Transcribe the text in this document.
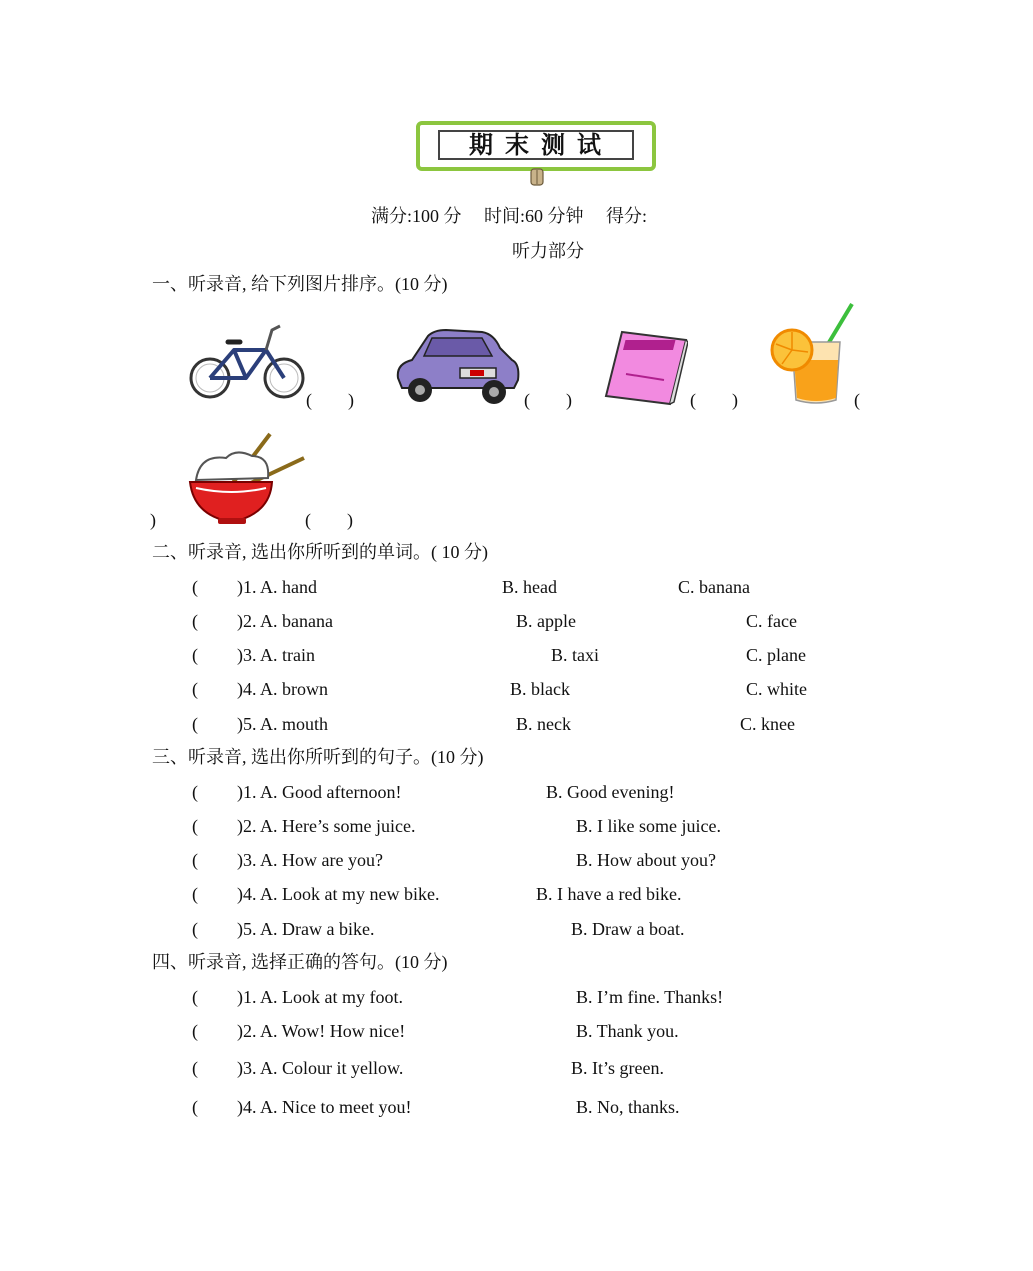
期末测试
满分:100 分　 时间:60 分钟　 得分:
听力部分
一、听录音, 给下列图片排序。(10 分)
(　　)	(　　)	(　　)	(
)	(　　)
二、听录音, 选出你所听到的单词。( 10 分)
( )1. A. hand	B. head	C. banana
( )2. A. banana	B. apple	C. face
( )3. A. train	B. taxi	C. plane
( )4. A. brown	B. black	C. white
( )5. A. mouth	B. neck	C. knee
三、听录音, 选出你所听到的句子。(10 分)
( )1. A. Good afternoon!	B. Good evening!
( )2. A. Here’s some juice.	B. I like some juice.
( )3. A. How are you?	B. How about you?
( )4. A. Look at my new bike.	B. I have a red bike.
( )5. A. Draw a bike.	B. Draw a boat.
四、听录音, 选择正确的答句。(10 分)
( )1. A. Look at my foot.	B. I’m fine. Thanks!
( )2. A. Wow! How nice!	B. Thank you.
( )3. A. Colour it yellow.	B. It’s green.
( )4. A. Nice to meet you!	B. No, thanks.
